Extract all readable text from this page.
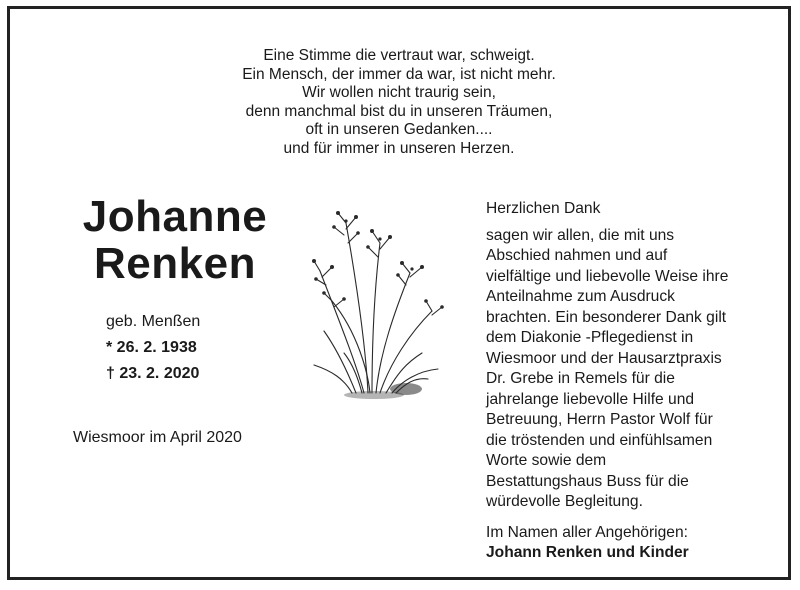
Eine Stimme die vertraut war, schweigt.
Ein Mensch, der immer da war, ist nicht mehr.
Wir wollen nicht traurig sein,
denn manchmal bist du in unseren Träumen,
oft in unseren Gedanken....
und für immer in unseren Herzen.
Johanne
Renken
geb. Menßen
* 26. 2. 1938
† 23. 2. 2020
Wiesmoor im April 2020
Herzlichen Dank
sagen wir allen, die mit uns
Abschied nahmen und auf
vielfältige und liebevolle Weise ihre
Anteilnahme zum Ausdruck
brachten. Ein besonderer Dank gilt
dem Diakonie -Pflegedienst in
Wiesmoor und der Hausarztpraxis
Dr. Grebe in Remels für die
jahrelange liebevolle Hilfe und
Betreuung, Herrn Pastor Wolf für
die tröstenden und einfühlsamen
Worte sowie dem
Bestattungshaus Buss für die
würdevolle Begleitung.
Im Namen aller Angehörigen:
Johann Renken und Kinder
